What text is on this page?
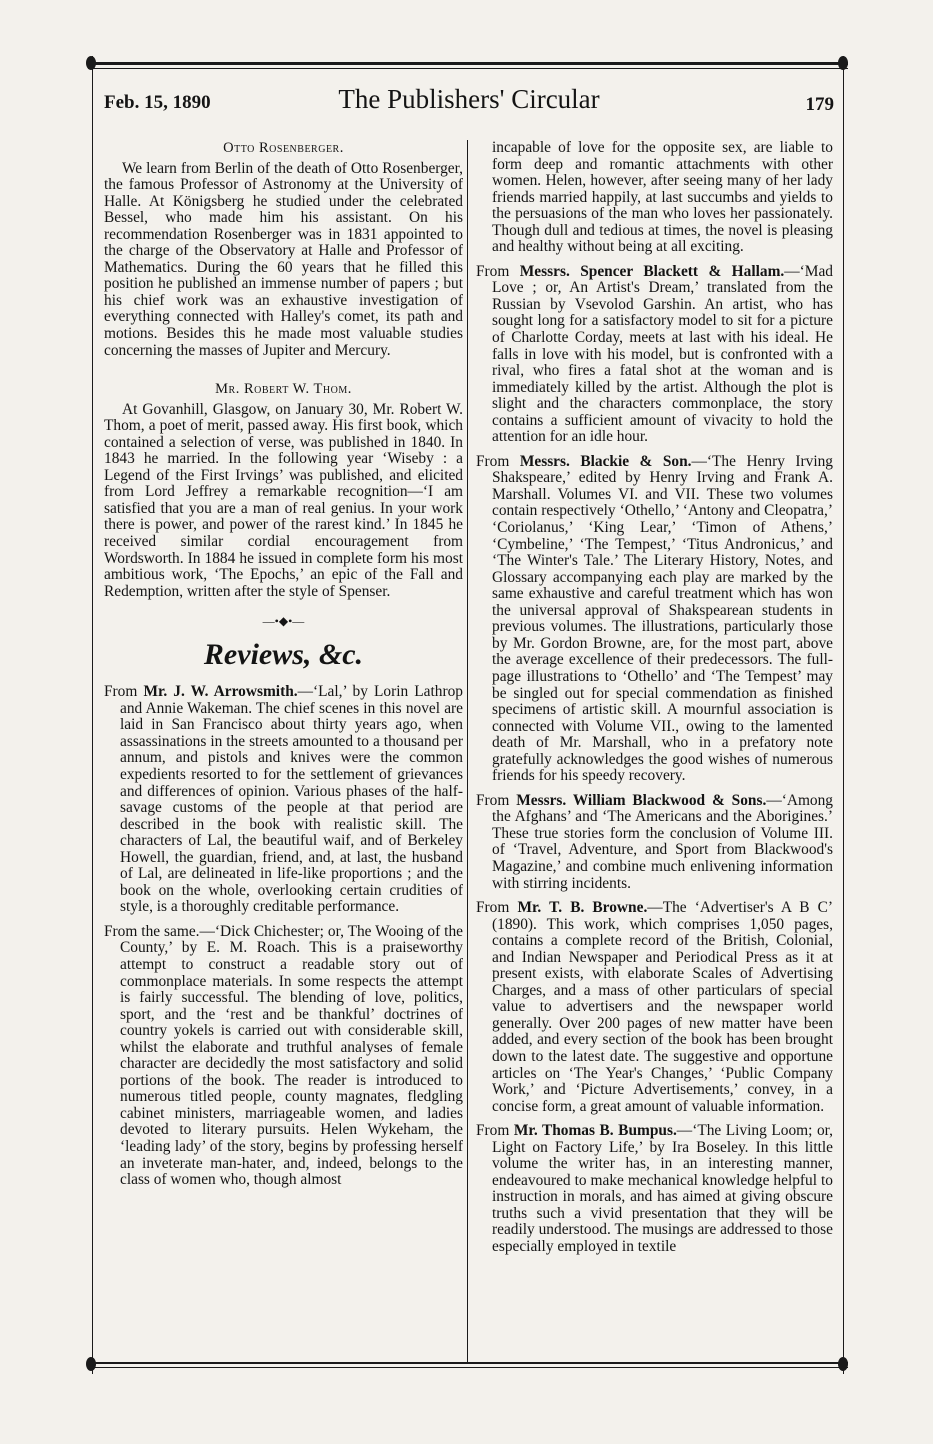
Feb. 15, 1890	The Publishers' Circular	179
Otto Rosenberger.

We learn from Berlin of the death of Otto Rosenberger, the famous Professor of Astronomy at the University of Halle. At Königsberg he studied under the celebrated Bessel, who made him his assistant. On his recommendation Rosenberger was in 1831 appointed to the charge of the Observatory at Halle and Professor of Mathematics. During the 60 years that he filled this position he published an immense number of papers ; but his chief work was an exhaustive investigation of everything connected with Halley's comet, its path and motions. Besides this he made most valuable studies concerning the masses of Jupiter and Mercury.

Mr. Robert W. Thom.

At Govanhill, Glasgow, on January 30, Mr. Robert W. Thom, a poet of merit, passed away. His first book, which contained a selection of verse, was published in 1840. In 1843 he married. In the following year ‘Wiseby : a Legend of the First Irvings’ was published, and elicited from Lord Jeffrey a remarkable recognition—‘I am satisfied that you are a man of real genius. In your work there is power, and power of the rarest kind.’ In 1845 he received similar cordial encouragement from Wordsworth. In 1884 he issued in complete form his most ambitious work, ‘The Epochs,’ an epic of the Fall and Redemption, written after the style of Spenser.

—•◆•—
Reviews, &c.

From Mr. J. W. Arrowsmith.—‘Lal,’ by Lorin Lathrop and Annie Wakeman. The chief scenes in this novel are laid in San Francisco about thirty years ago, when assassinations in the streets amounted to a thousand per annum, and pistols and knives were the common expedients resorted to for the settlement of grievances and differences of opinion. Various phases of the half-savage customs of the people at that period are described in the book with realistic skill. The characters of Lal, the beautiful waif, and of Berkeley Howell, the guardian, friend, and, at last, the husband of Lal, are delineated in life-like proportions ; and the book on the whole, overlooking certain crudities of style, is a thoroughly creditable performance.

From the same.—‘Dick Chichester; or, The Wooing of the County,’ by E. M. Roach. This is a praiseworthy attempt to construct a readable story out of commonplace materials. In some respects the attempt is fairly successful. The blending of love, politics, sport, and the ‘rest and be thankful’ doctrines of country yokels is carried out with considerable skill, whilst the elaborate and truthful analyses of female character are decidedly the most satisfactory and solid portions of the book. The reader is introduced to numerous titled people, county magnates, fledgling cabinet ministers, marriageable women, and ladies devoted to literary pursuits. Helen Wykeham, the ‘leading lady’ of the story, begins by professing herself an inveterate man-hater, and, indeed, belongs to the class of women who, though almost

incapable of love for the opposite sex, are liable to form deep and romantic attachments with other women. Helen, however, after seeing many of her lady friends married happily, at last succumbs and yields to the persuasions of the man who loves her passionately. Though dull and tedious at times, the novel is pleasing and healthy without being at all exciting.

From Messrs. Spencer Blackett & Hallam.—‘Mad Love ; or, An Artist's Dream,’ translated from the Russian by Vsevolod Garshin. An artist, who has sought long for a satisfactory model to sit for a picture of Charlotte Corday, meets at last with his ideal. He falls in love with his model, but is confronted with a rival, who fires a fatal shot at the woman and is immediately killed by the artist. Although the plot is slight and the characters commonplace, the story contains a sufficient amount of vivacity to hold the attention for an idle hour.

From Messrs. Blackie & Son.—‘The Henry Irving Shakspeare,’ edited by Henry Irving and Frank A. Marshall. Volumes VI. and VII. These two volumes contain respectively ‘Othello,’ ‘Antony and Cleopatra,’ ‘Coriolanus,’ ‘King Lear,’ ‘Timon of Athens,’ ‘Cymbeline,’ ‘The Tempest,’ ‘Titus Andronicus,’ and ‘The Winter's Tale.’ The Literary History, Notes, and Glossary accompanying each play are marked by the same exhaustive and careful treatment which has won the universal approval of Shakspearean students in previous volumes. The illustrations, particularly those by Mr. Gordon Browne, are, for the most part, above the average excellence of their predecessors. The full-page illustrations to ‘Othello’ and ‘The Tempest’ may be singled out for special commendation as finished specimens of artistic skill. A mournful association is connected with Volume VII., owing to the lamented death of Mr. Marshall, who in a prefatory note gratefully acknowledges the good wishes of numerous friends for his speedy recovery.

From Messrs. William Blackwood & Sons.—‘Among the Afghans’ and ‘The Americans and the Aborigines.’ These true stories form the conclusion of Volume III. of ‘Travel, Adventure, and Sport from Blackwood's Magazine,’ and combine much enlivening information with stirring incidents.

From Mr. T. B. Browne.—The ‘Advertiser's A B C’ (1890). This work, which comprises 1,050 pages, contains a complete record of the British, Colonial, and Indian Newspaper and Periodical Press as it at present exists, with elaborate Scales of Advertising Charges, and a mass of other particulars of special value to advertisers and the newspaper world generally. Over 200 pages of new matter have been added, and every section of the book has been brought down to the latest date. The suggestive and opportune articles on ‘The Year's Changes,’ ‘Public Company Work,’ and ‘Picture Advertisements,’ convey, in a concise form, a great amount of valuable information.

From Mr. Thomas B. Bumpus.—‘The Living Loom; or, Light on Factory Life,’ by Ira Boseley. In this little volume the writer has, in an interesting manner, endeavoured to make mechanical knowledge helpful to instruction in morals, and has aimed at giving obscure truths such a vivid presentation that they will be readily understood. The musings are addressed to those especially employed in textile
